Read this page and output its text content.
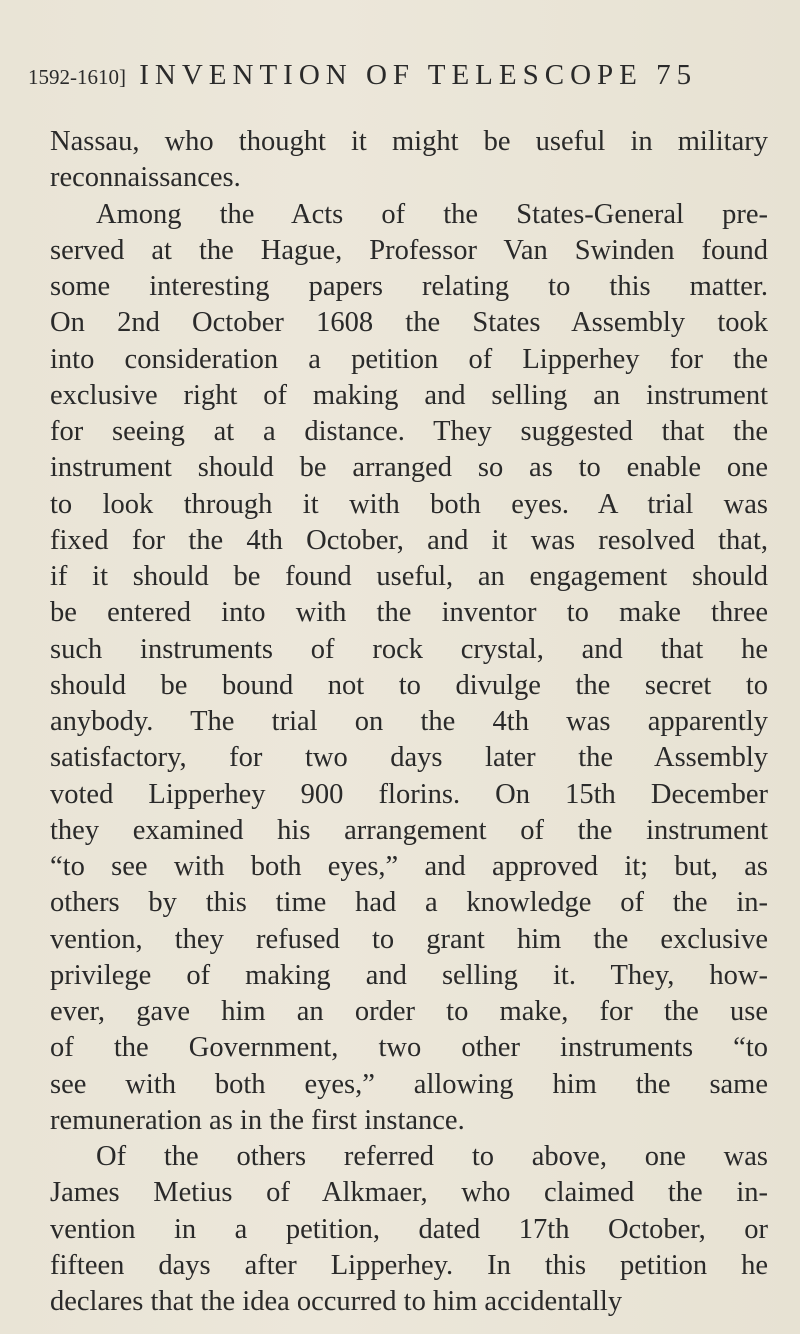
1592-1610] INVENTION OF TELESCOPE 75
Nassau, who thought it might be useful in military
reconnaissances.
Among the Acts of the States-General pre-
served at the Hague, Professor Van Swinden found
some interesting papers relating to this matter.
On 2nd October 1608 the States Assembly took
into consideration a petition of Lipperhey for the
exclusive right of making and selling an instrument
for seeing at a distance. They suggested that the
instrument should be arranged so as to enable one
to look through it with both eyes. A trial was
fixed for the 4th October, and it was resolved that,
if it should be found useful, an engagement should
be entered into with the inventor to make three
such instruments of rock crystal, and that he
should be bound not to divulge the secret to
anybody. The trial on the 4th was apparently
satisfactory, for two days later the Assembly
voted Lipperhey 900 florins. On 15th December
they examined his arrangement of the instrument
“to see with both eyes,” and approved it; but, as
others by this time had a knowledge of the in-
vention, they refused to grant him the exclusive
privilege of making and selling it. They, how-
ever, gave him an order to make, for the use
of the Government, two other instruments “to
see with both eyes,” allowing him the same
remuneration as in the first instance.
Of the others referred to above, one was
James Metius of Alkmaer, who claimed the in-
vention in a petition, dated 17th October, or
fifteen days after Lipperhey. In this petition he
declares that the idea occurred to him accidentally
